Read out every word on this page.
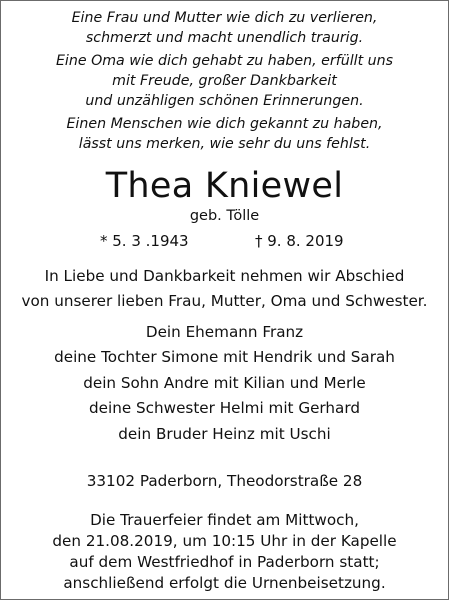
Eine Frau und Mutter wie dich zu verlieren,
schmerzt und macht unendlich traurig.
Eine Oma wie dich gehabt zu haben, erfüllt uns
mit Freude, großer Dankbarkeit
und unzähligen schönen Erinnerungen.
Einen Menschen wie dich gekannt zu haben,
lässt uns merken, wie sehr du uns fehlst.
Thea Kniewel
geb. Tölle
* 5. 3 .1943	† 9. 8. 2019
In Liebe und Dankbarkeit nehmen wir Abschied
von unserer lieben Frau, Mutter, Oma und Schwester.
Dein Ehemann Franz
deine Tochter Simone mit Hendrik und Sarah
dein Sohn Andre mit Kilian und Merle
deine Schwester Helmi mit Gerhard
dein Bruder Heinz mit Uschi
33102 Paderborn, Theodorstraße 28
Die Trauerfeier findet am Mittwoch,
den 21.08.2019, um 10:15 Uhr in der Kapelle
auf dem Westfriedhof in Paderborn statt;
anschließend erfolgt die Urnenbeisetzung.
